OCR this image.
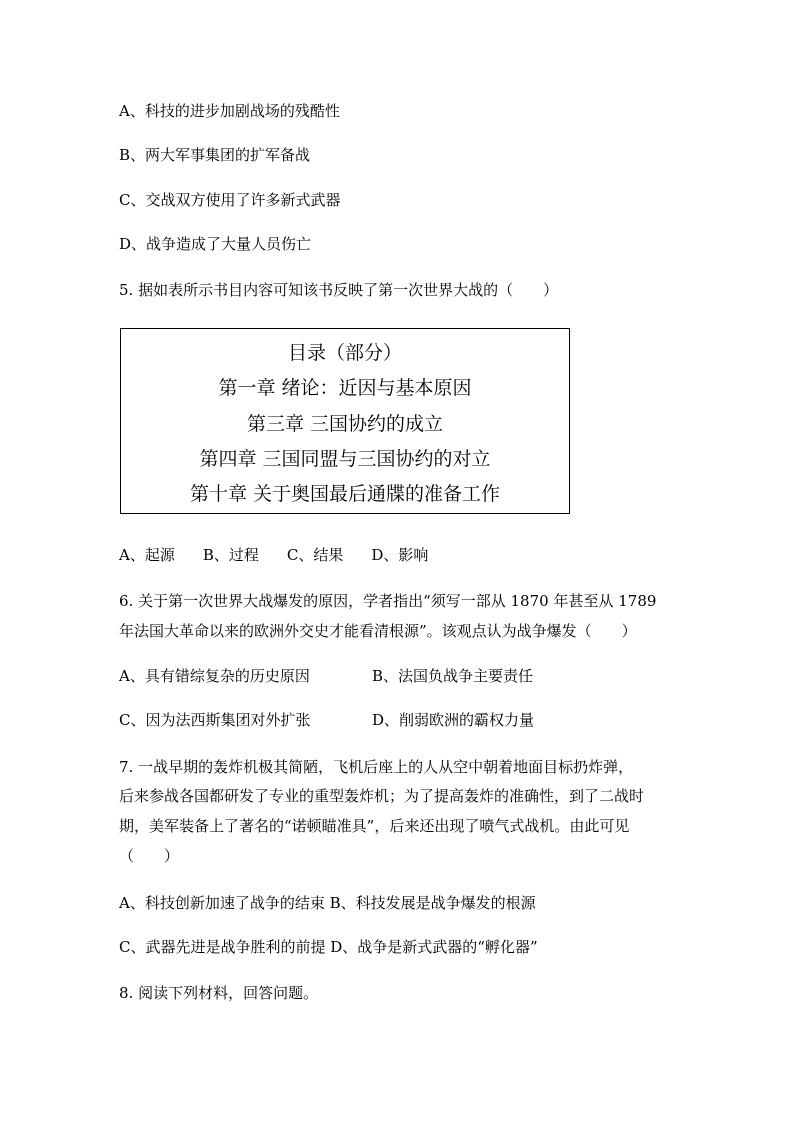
A、科技的进步加剧战场的残酷性
B、两大军事集团的扩军备战
C、交战双方使用了许多新式武器
D、战争造成了大量人员伤亡
5. 据如表所示书目内容可知该书反映了第一次世界大战的（　　）
目录（部分）
第一章 绪论：近因与基本原因
第三章 三国协约的成立
第四章 三国同盟与三国协约的对立
第十章 关于奥国最后通牒的准备工作
A、起源 B、过程 C、结果 D、影响
6. 关于第一次世界大战爆发的原因，学者指出“须写一部从 1870 年甚至从 1789
年法国大革命以来的欧洲外交史才能看清根源”。该观点认为战争爆发（　　）
A、具有错综复杂的历史原因	B、法国负战争主要责任
C、因为法西斯集团对外扩张	D、削弱欧洲的霸权力量
7. 一战早期的轰炸机极其简陋，飞机后座上的人从空中朝着地面目标扔炸弹，
后来参战各国都研发了专业的重型轰炸机；为了提高轰炸的准确性，到了二战时
期，美军装备上了著名的“诺顿瞄准具”，后来还出现了喷气式战机。由此可见
（　　）
A、科技创新加速了战争的结束 B、科技发展是战争爆发的根源
C、武器先进是战争胜利的前提 D、战争是新式武器的“孵化器”
8. 阅读下列材料，回答问题。
